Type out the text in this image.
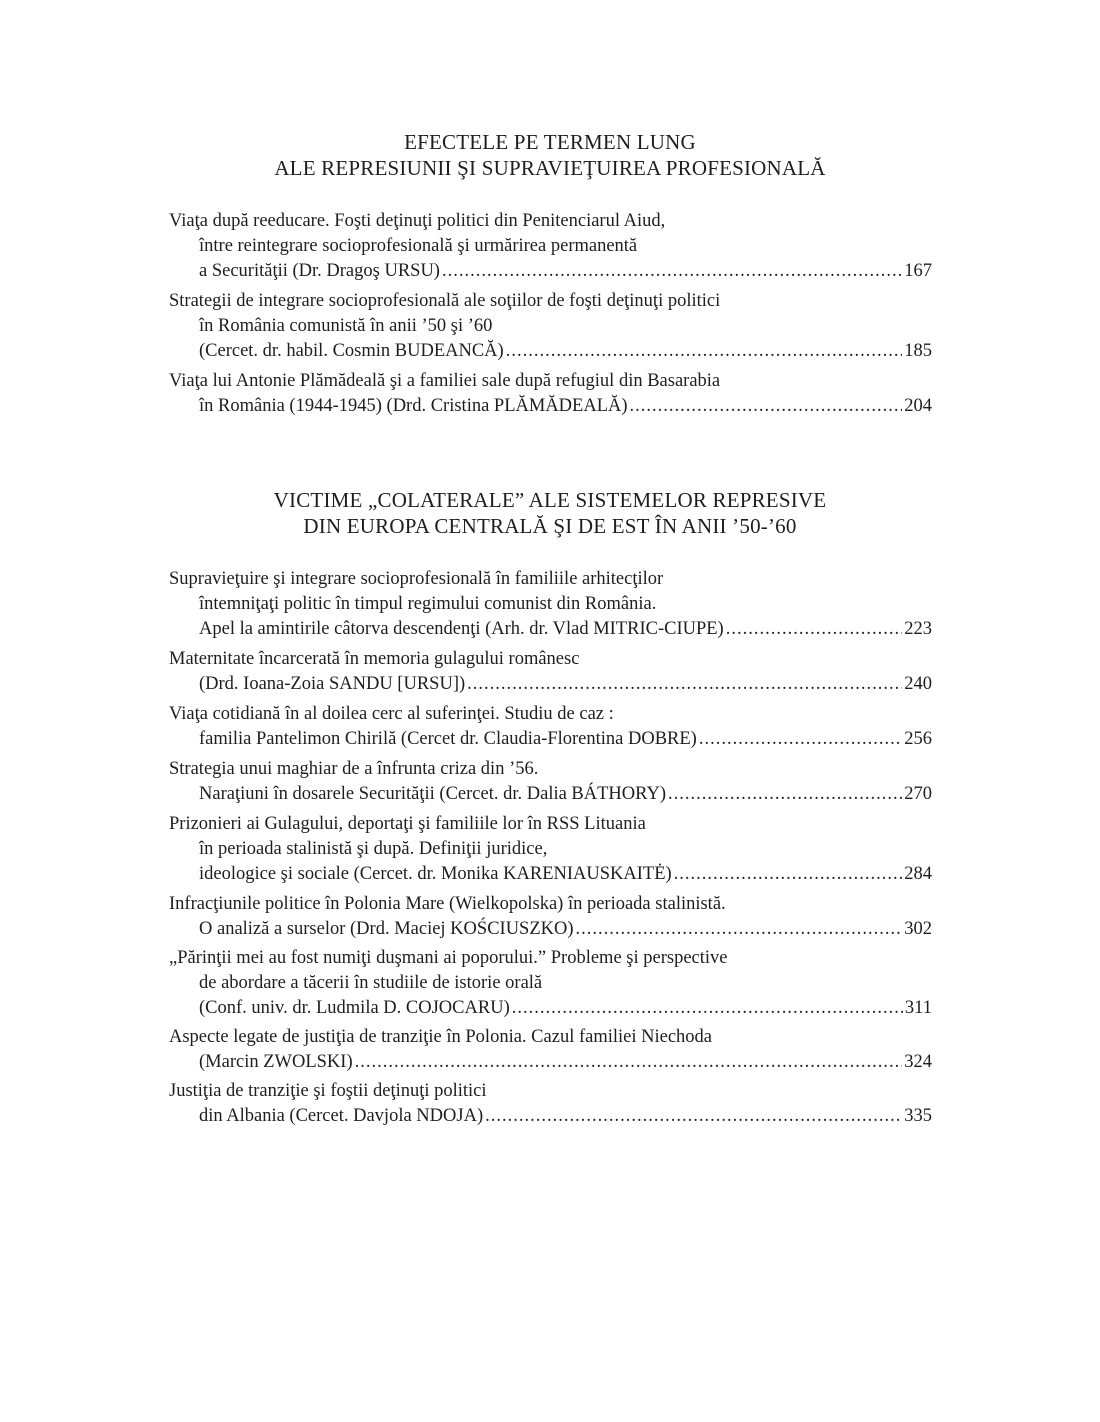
EFECTELE PE TERMEN LUNG
ALE REPRESIUNII ŞI SUPRAVIEŢUIREA PROFESIONALĂ
Viaţa după reeducare. Foşti deţinuţi politici din Penitenciarul Aiud,
între reintegrare socioprofesională şi urmărirea permanentă
a Securităţii (Dr. Dragoş URSU) .....	167
Strategii de integrare socioprofesională ale soţiilor de foşti deţinuţi politici
în România comunistă în anii ’50 şi ’60
(Cercet. dr. habil. Cosmin BUDEANCĂ) .....	185
Viaţa lui Antonie Plămădeală şi a familiei sale după refugiul din Basarabia
în România (1944-1945) (Drd. Cristina PLĂMĂDEALĂ) .....	204
VICTIME „COLATERALE” ALE SISTEMELOR REPRESIVE
DIN EUROPA CENTRALĂ ŞI DE EST ÎN ANII ’50-’60
Supravieţuire şi integrare socioprofesională în familiile arhitecţilor
întemniţaţi politic în timpul regimului comunist din România.
Apel la amintirile câtorva descendenţi (Arh. dr. Vlad MITRIC-CIUPE) .....	223
Maternitate încarcerată în memoria gulagului românesc
(Drd. Ioana-Zoia SANDU [URSU]) .....	240
Viaţa cotidiană în al doilea cerc al suferinţei. Studiu de caz :
familia Pantelimon Chirilă (Cercet dr. Claudia-Florentina DOBRE) .....	256
Strategia unui maghiar de a înfrunta criza din ’56.
Naraţiuni în dosarele Securităţii (Cercet. dr. Dalia BÁTHORY) .....	270
Prizonieri ai Gulagului, deportaţi şi familiile lor în RSS Lituania
în perioada stalinistă şi după. Definiţii juridice,
ideologice şi sociale (Cercet. dr. Monika KARENIAUSKAITĖ) .....	284
Infracţiunile politice în Polonia Mare (Wielkopolska) în perioada stalinistă.
O analiză a surselor (Drd. Maciej KOŚCIUSZKO) .....	302
„Părinţii mei au fost numiţi duşmani ai poporului.” Probleme şi perspective
de abordare a tăcerii în studiile de istorie orală
(Conf. univ. dr. Ludmila D. COJOCARU) .....	311
Aspecte legate de justiţia de tranziţie în Polonia. Cazul familiei Niechoda
(Marcin ZWOLSKI) .....	324
Justiţia de tranziţie şi foştii deţinuţi politici
din Albania (Cercet. Davjola NDOJA) .....	335
